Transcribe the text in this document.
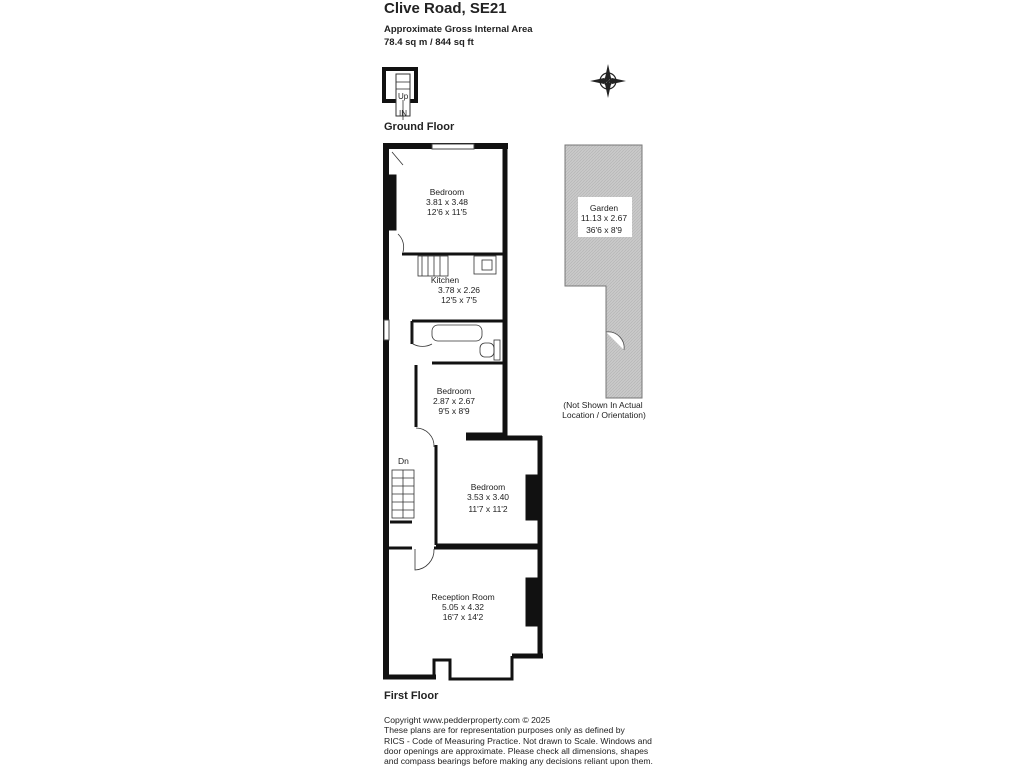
Clive Road, SE21
Approximate Gross Internal Area
78.4 sq m / 844 sq ft
Ground Floor
First Floor
N
Up
IN
Bedroom
3.81 x 3.48
12'6 x 11'5
Kitchen
3.78 x 2.26
12'5 x 7'5
Bedroom
2.87 x 2.67
9'5 x 8'9
Bedroom
3.53 x 3.40
11'7 x 11'2
Reception Room
5.05 x 4.32
16'7 x 14'2
Garden
11.13 x 2.67
36'6 x 8'9
(Not Shown In Actual
Location / Orientation)
Dn
Copyright www.pedderproperty.com © 2025
These plans are for representation purposes only as defined by
RICS - Code of Measuring Practice. Not drawn to Scale. Windows and
door openings are approximate. Please check all dimensions, shapes
and compass bearings before making any decisions reliant upon them.
